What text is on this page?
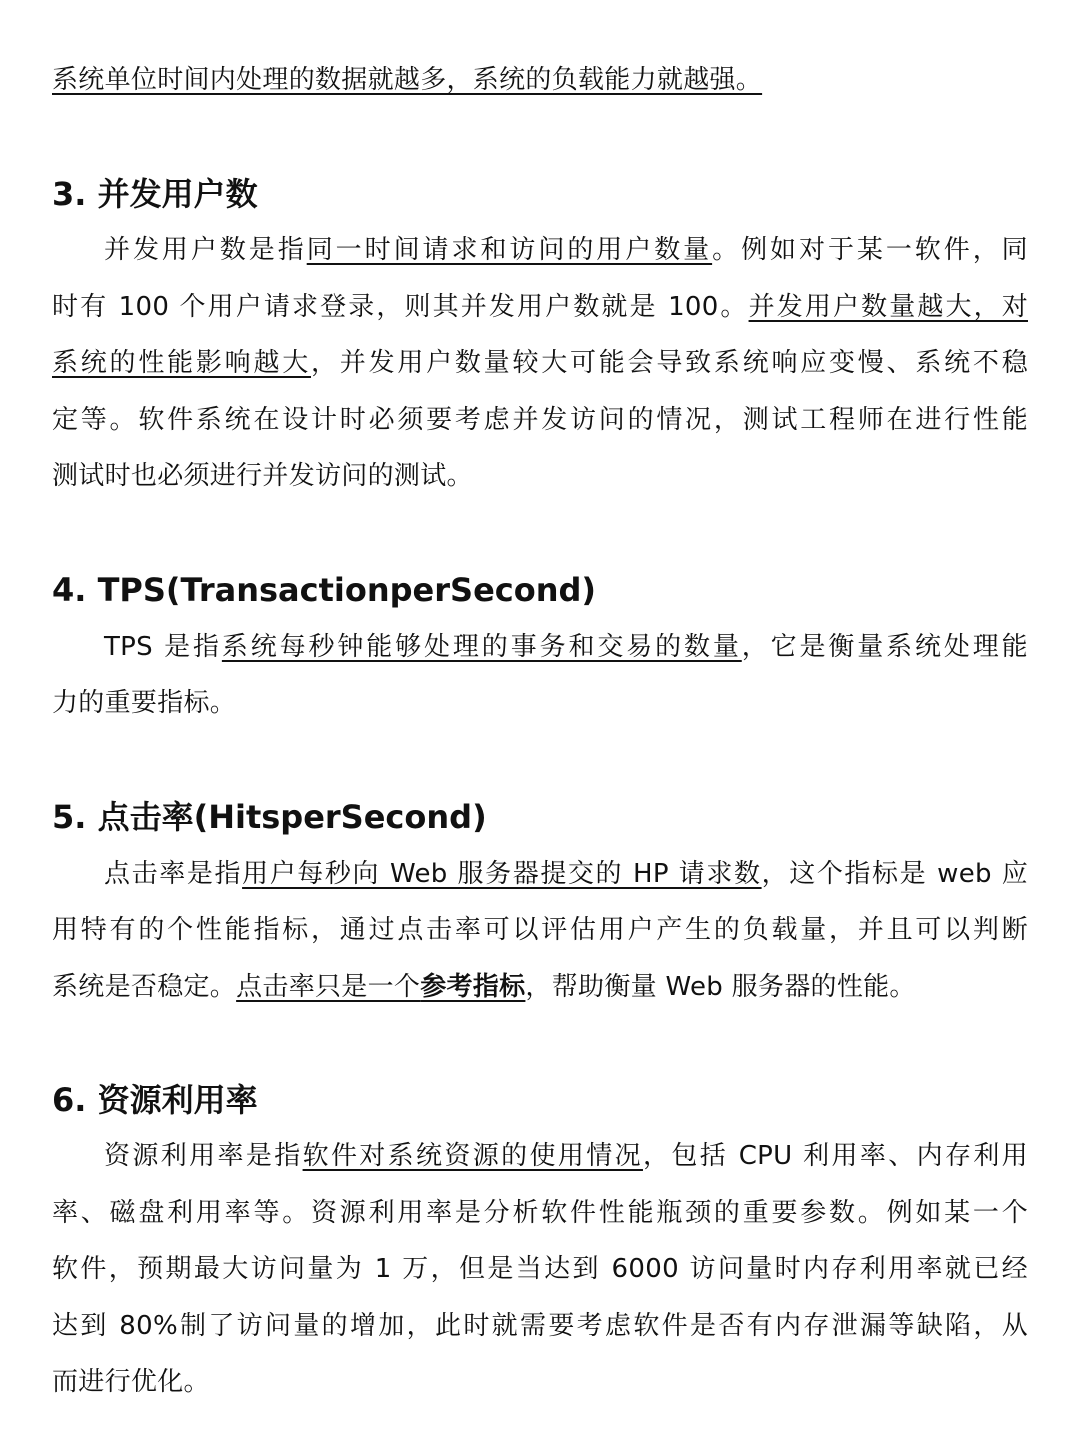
系统单位时间内处理的数据就越多，系统的负载能力就越强。
3. 并发用户数
并发用户数是指同一时间请求和访问的用户数量。例如对于某一软件，同
时有 100 个用户请求登录，则其并发用户数就是 100。并发用户数量越大，对
系统的性能影响越大，并发用户数量较大可能会导致系统响应变慢、系统不稳
定等。软件系统在设计时必须要考虑并发访问的情况，测试工程师在进行性能
测试时也必须进行并发访问的测试。
4. TPS(TransactionperSecond)
TPS 是指系统每秒钟能够处理的事务和交易的数量，它是衡量系统处理能
力的重要指标。
5. 点击率(HitsperSecond)
点击率是指用户每秒向 Web 服务器提交的 HP 请求数，这个指标是 web 应
用特有的个性能指标，通过点击率可以评估用户产生的负载量，并且可以判断
系统是否稳定。点击率只是一个参考指标，帮助衡量 Web 服务器的性能。
6. 资源利用率
资源利用率是指软件对系统资源的使用情况，包括 CPU 利用率、内存利用
率、磁盘利用率等。资源利用率是分析软件性能瓶颈的重要参数。例如某一个
软件，预期最大访问量为 1 万，但是当达到 6000 访问量时内存利用率就已经
达到 80%制了访问量的增加，此时就需要考虑软件是否有内存泄漏等缺陷，从
而进行优化。
